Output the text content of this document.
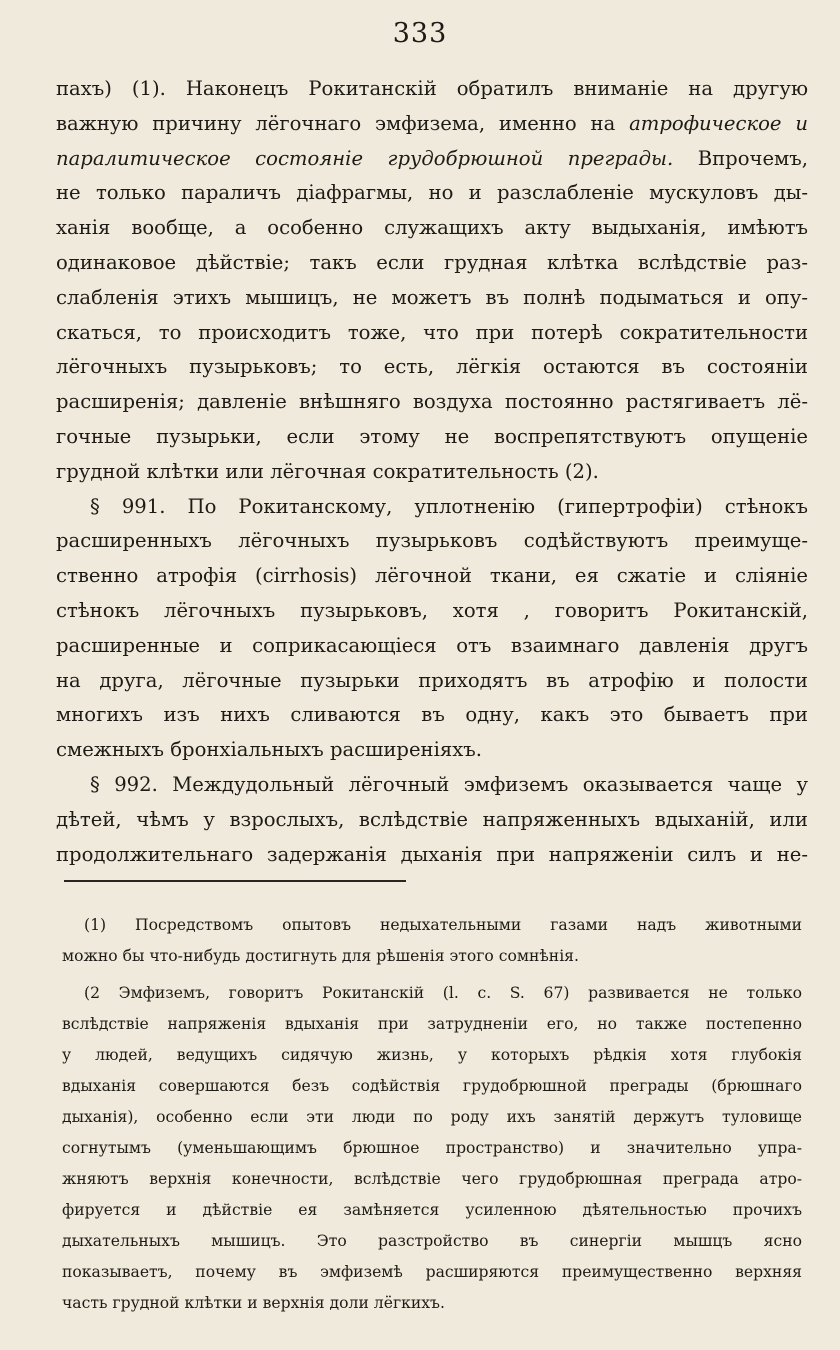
333
пахъ) (1). Наконецъ Рокитанскій обратилъ вниманіе на другую
важную причину лёгочнаго эмфизема, именно на атрофическое и
паралитическое состояніе грудобрюшной преграды. Впрочемъ,
не только параличъ діафрагмы, но и разслабленіе мускуловъ ды-
ханія вообще, а особенно служащихъ акту выдыханія, имѣютъ
одинаковое дѣйствіе; такъ если грудная клѣтка вслѣдствіе раз-
слабленія этихъ мышицъ, не можетъ въ полнѣ подыматься и опу-
скаться, то происходитъ тоже, что при потерѣ сократительности
лёгочныхъ пузырьковъ; то есть, лёгкія остаются въ состояніи
расширенія; давленіе внѣшняго воздуха постоянно растягиваетъ лё-
гочные пузырьки, если этому не воспрепятствуютъ опущеніе
грудной клѣтки или лёгочная сократительность (2).
§ 991. По Рокитанскому, уплотненію (гипертрофіи) стѣнокъ
расширенныхъ лёгочныхъ пузырьковъ содѣйствуютъ преимуще-
ственно атрофія (cirrhosis) лёгочной ткани, ея сжатіе и сліяніе
стѣнокъ лёгочныхъ пузырьковъ, хотя , говоритъ Рокитанскій,
расширенные и соприкасающіеся отъ взаимнаго давленія другъ
на друга, лёгочные пузырьки приходятъ въ атрофію и полости
многихъ изъ нихъ сливаются въ одну, какъ это бываетъ при
смежныхъ бронхіальныхъ расширеніяхъ.
§ 992. Междудольный лёгочный эмфиземъ оказывается чаще у
дѣтей, чѣмъ у взрослыхъ, вслѣдствіе напряженныхъ вдыханій, или
продолжительнаго задержанія дыханія при напряженіи силъ и не-
(1) Посредствомъ опытовъ недыхательными газами надъ животными
можно бы что-нибудь достигнуть для рѣшенія этого сомнѣнія.
(2 Эмфиземъ, говоритъ Рокитанскій (l. c. S. 67) развивается не только
вслѣдствіе напряженія вдыханія при затрудненіи его, но также постепенно
у людей, ведущихъ сидячую жизнь, у которыхъ рѣдкія хотя глубокія
вдыханія совершаются безъ содѣйствія грудобрюшной преграды (брюшнаго
дыханія), особенно если эти люди по роду ихъ занятій держутъ туловище
согнутымъ (уменьшающимъ брюшное пространство) и значительно упра-
жняютъ верхнія конечности, вслѣдствіе чего грудобрюшная преграда атро-
фируется и дѣйствіе ея замѣняется усиленною дѣятельностью прочихъ
дыхательныхъ мышицъ. Это разстройство въ синергіи мышцъ ясно
показываетъ, почему въ эмфиземѣ расширяются преимущественно верхняя
часть грудной клѣтки и верхнія доли лёгкихъ.
